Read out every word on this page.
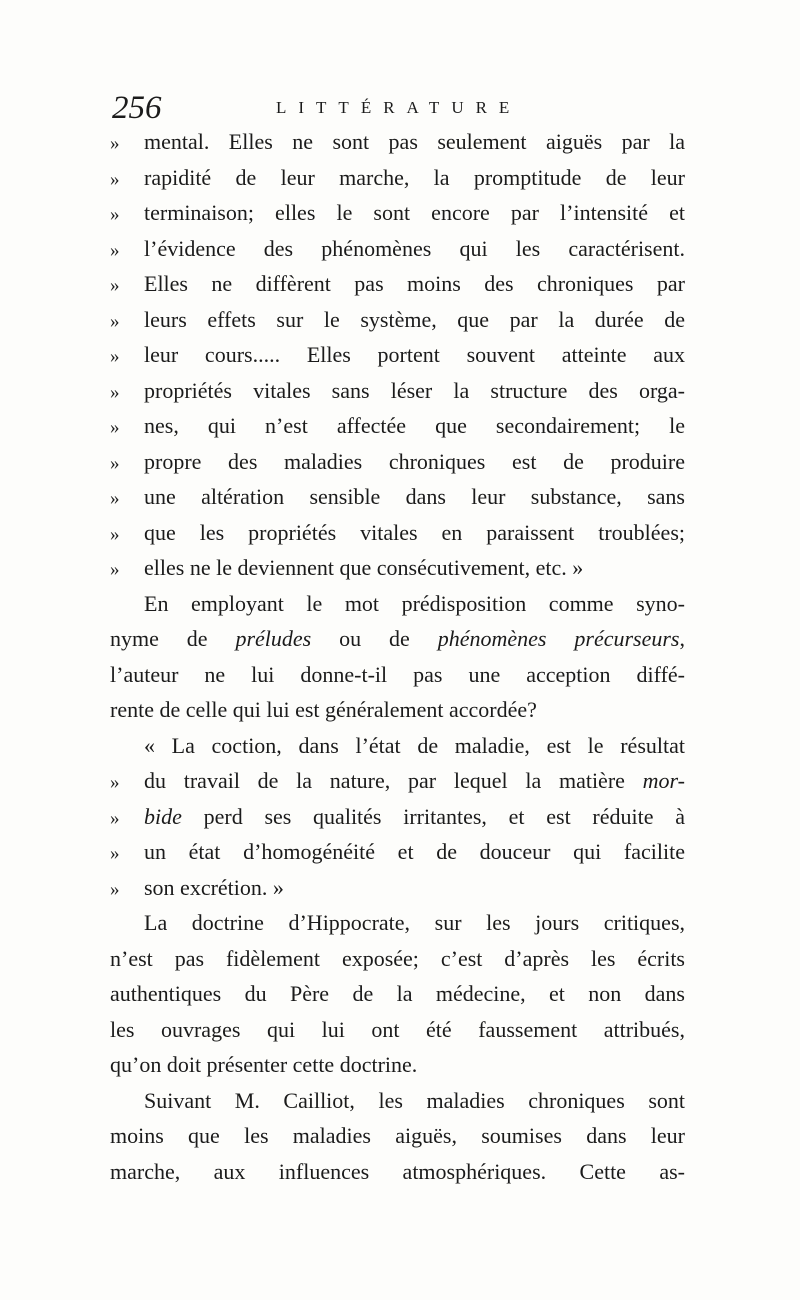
256	LITTÉRATURE
» mental. Elles ne sont pas seulement aiguës par la
» rapidité de leur marche, la promptitude de leur
» terminaison; elles le sont encore par l’intensité et
» l’évidence des phénomènes qui les caractérisent.
» Elles ne diffèrent pas moins des chroniques par
» leurs effets sur le système, que par la durée de
» leur cours..... Elles portent souvent atteinte aux
» propriétés vitales sans léser la structure des orga-
» nes, qui n’est affectée que secondairement; le
» propre des maladies chroniques est de produire
» une altération sensible dans leur substance, sans
» que les propriétés vitales en paraissent troublées;
» elles ne le deviennent que consécutivement, etc. »
En employant le mot prédisposition comme syno-
nyme de préludes ou de phénomènes précurseurs,
l’auteur ne lui donne-t-il pas une acception diffé-
rente de celle qui lui est généralement accordée?
« La coction, dans l’état de maladie, est le résultat
» du travail de la nature, par lequel la matière mor-
» bide perd ses qualités irritantes, et est réduite à
» un état d’homogénéité et de douceur qui facilite
» son excrétion. »
La doctrine d’Hippocrate, sur les jours critiques,
n’est pas fidèlement exposée; c’est d’après les écrits
authentiques du Père de la médecine, et non dans
les ouvrages qui lui ont été faussement attribués,
qu’on doit présenter cette doctrine.
Suivant M. Cailliot, les maladies chroniques sont
moins que les maladies aiguës, soumises dans leur
marche, aux influences atmosphériques. Cette as-
